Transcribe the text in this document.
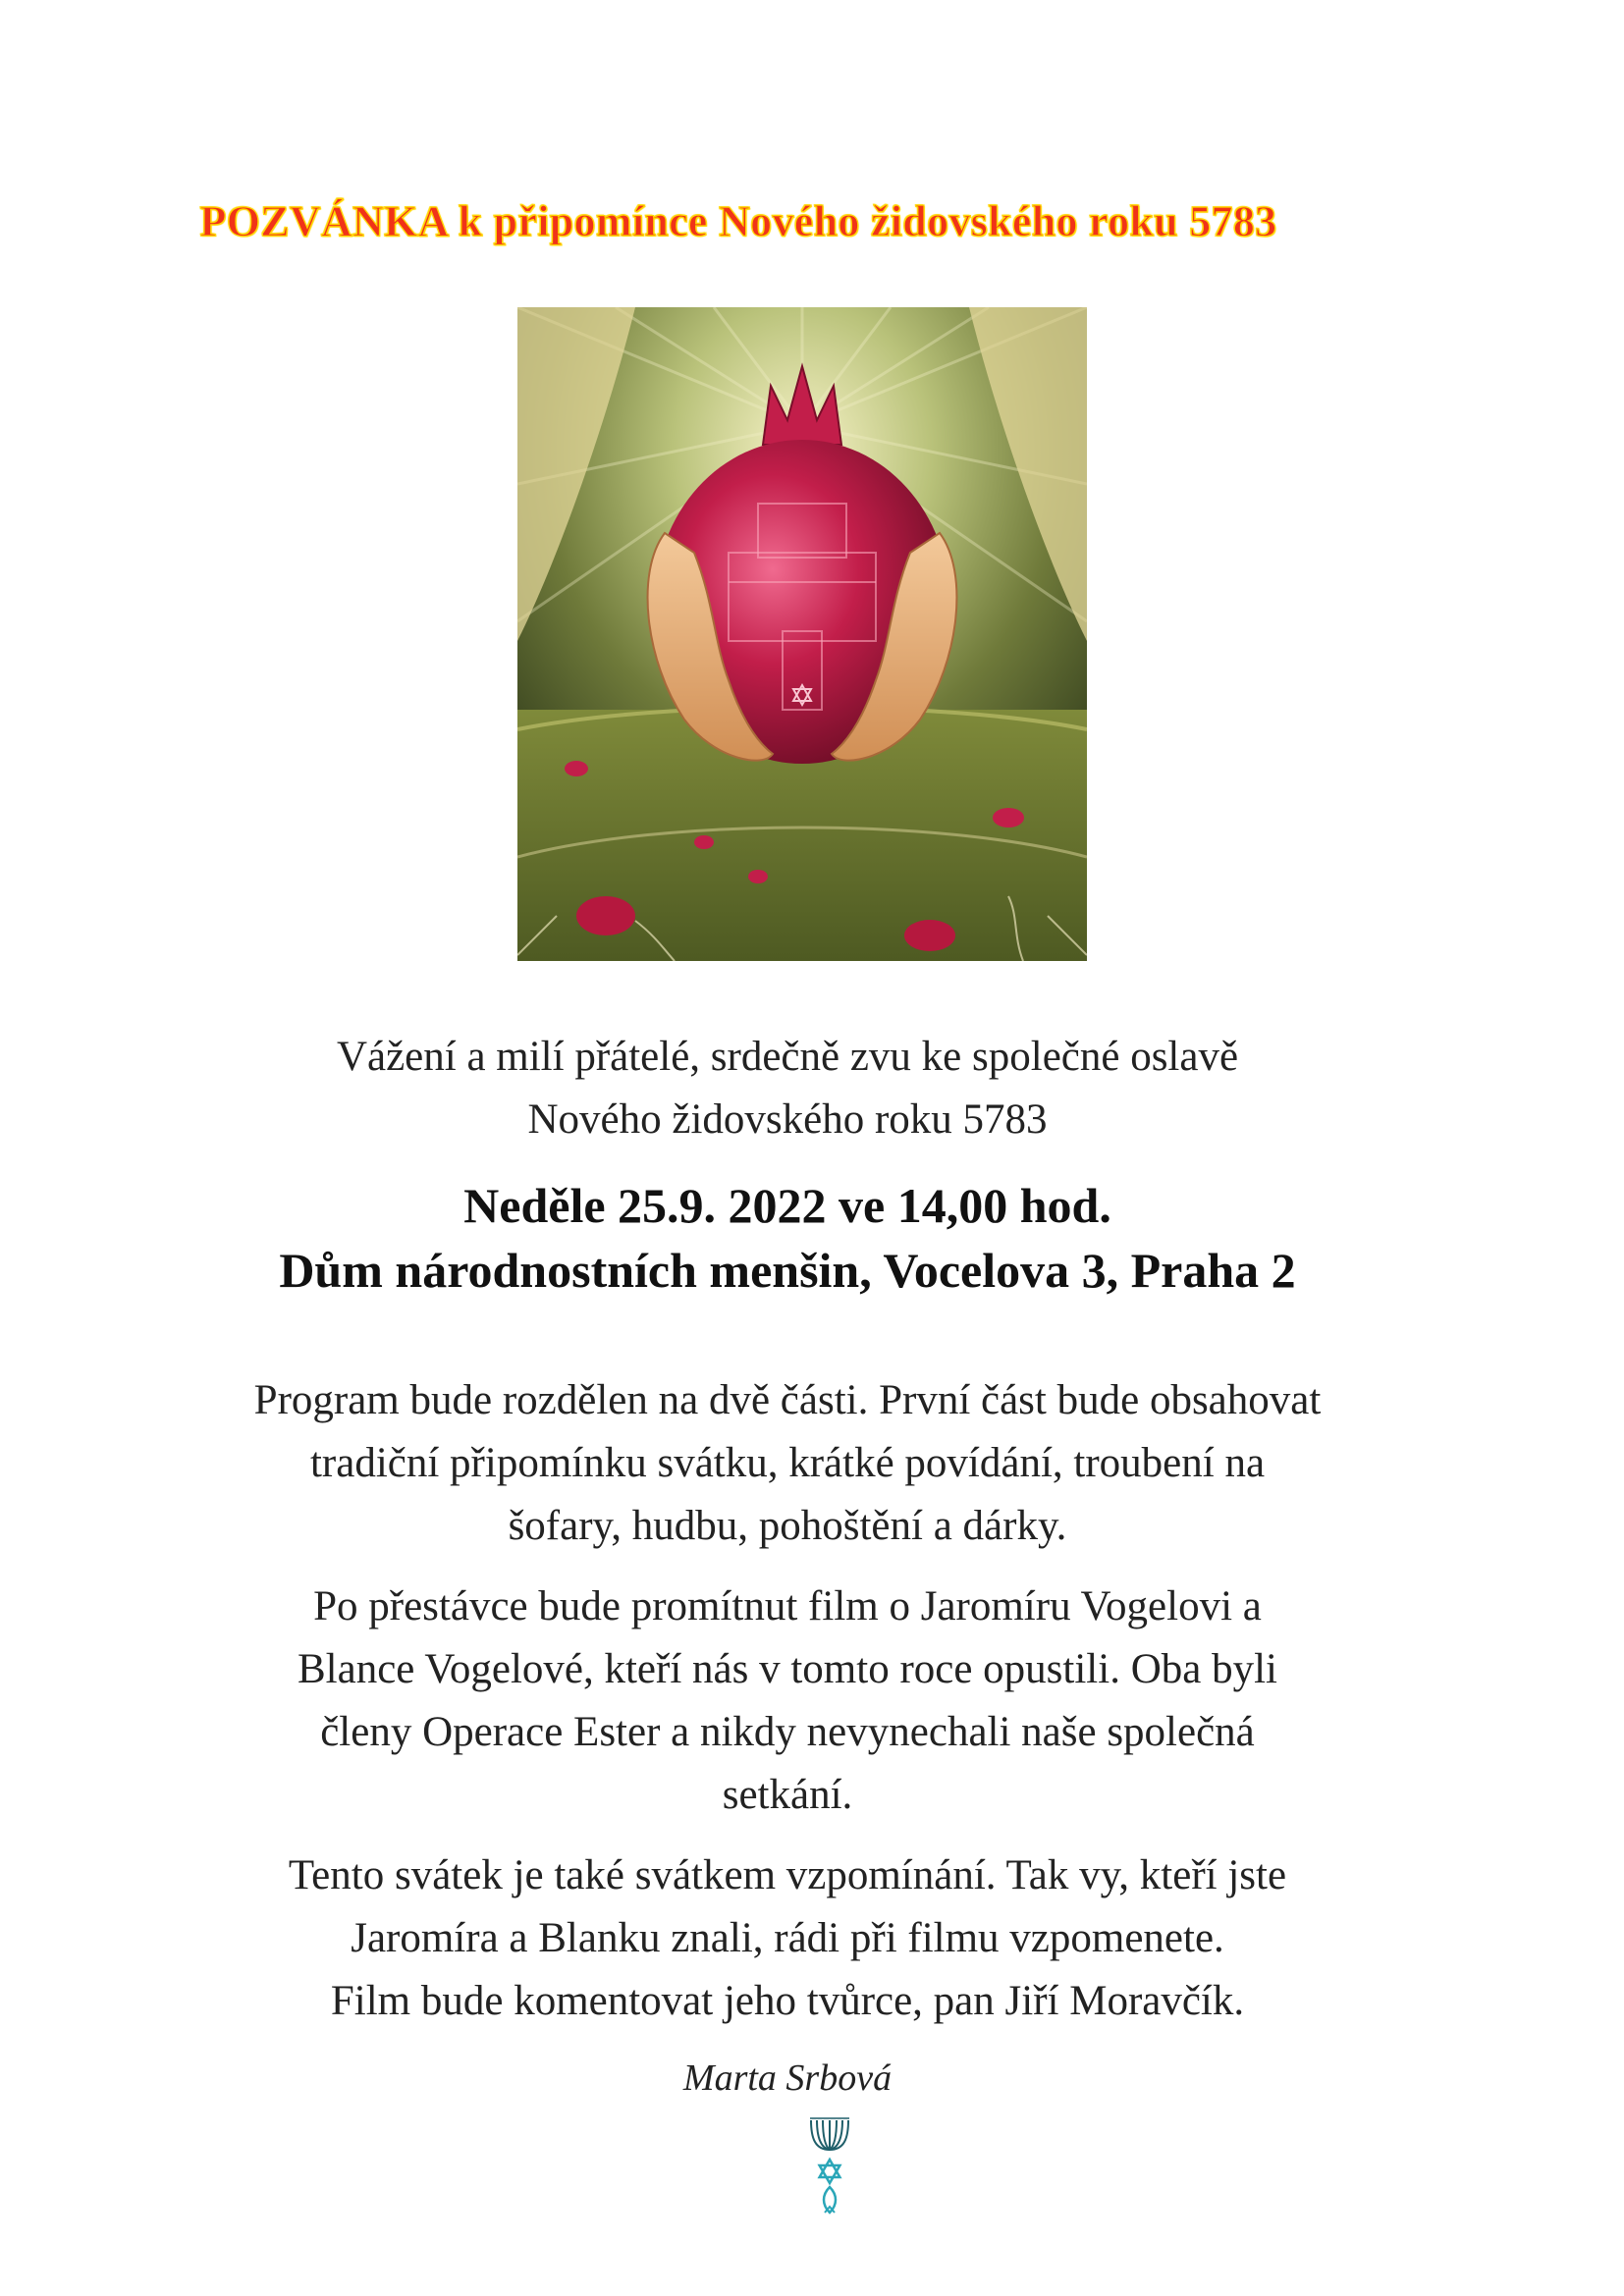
POZVÁNKA k připomínce Nového židovského roku 5783
Vážení a milí přátelé, srdečně zvu ke společné oslavě
Nového židovského roku 5783
Neděle 25.9. 2022 ve 14,00 hod.
Dům národnostních menšin, Vocelova 3, Praha 2

Program bude rozdělen na dvě části. První část bude obsahovat
tradiční připomínku svátku, krátké povídání, troubení na
šofary, hudbu, pohoštění a dárky.

Po přestávce bude promítnut film o Jaromíru Vogelovi a
Blance Vogelové, kteří nás v tomto roce opustili. Oba byli
členy Operace Ester a nikdy nevynechali naše společná
setkání.

Tento svátek je také svátkem vzpomínání. Tak vy, kteří jste
Jaromíra a Blanku znali, rádi při filmu vzpomenete.
Film bude komentovat jeho tvůrce, pan Jiří Moravčík.

Marta Srbová
